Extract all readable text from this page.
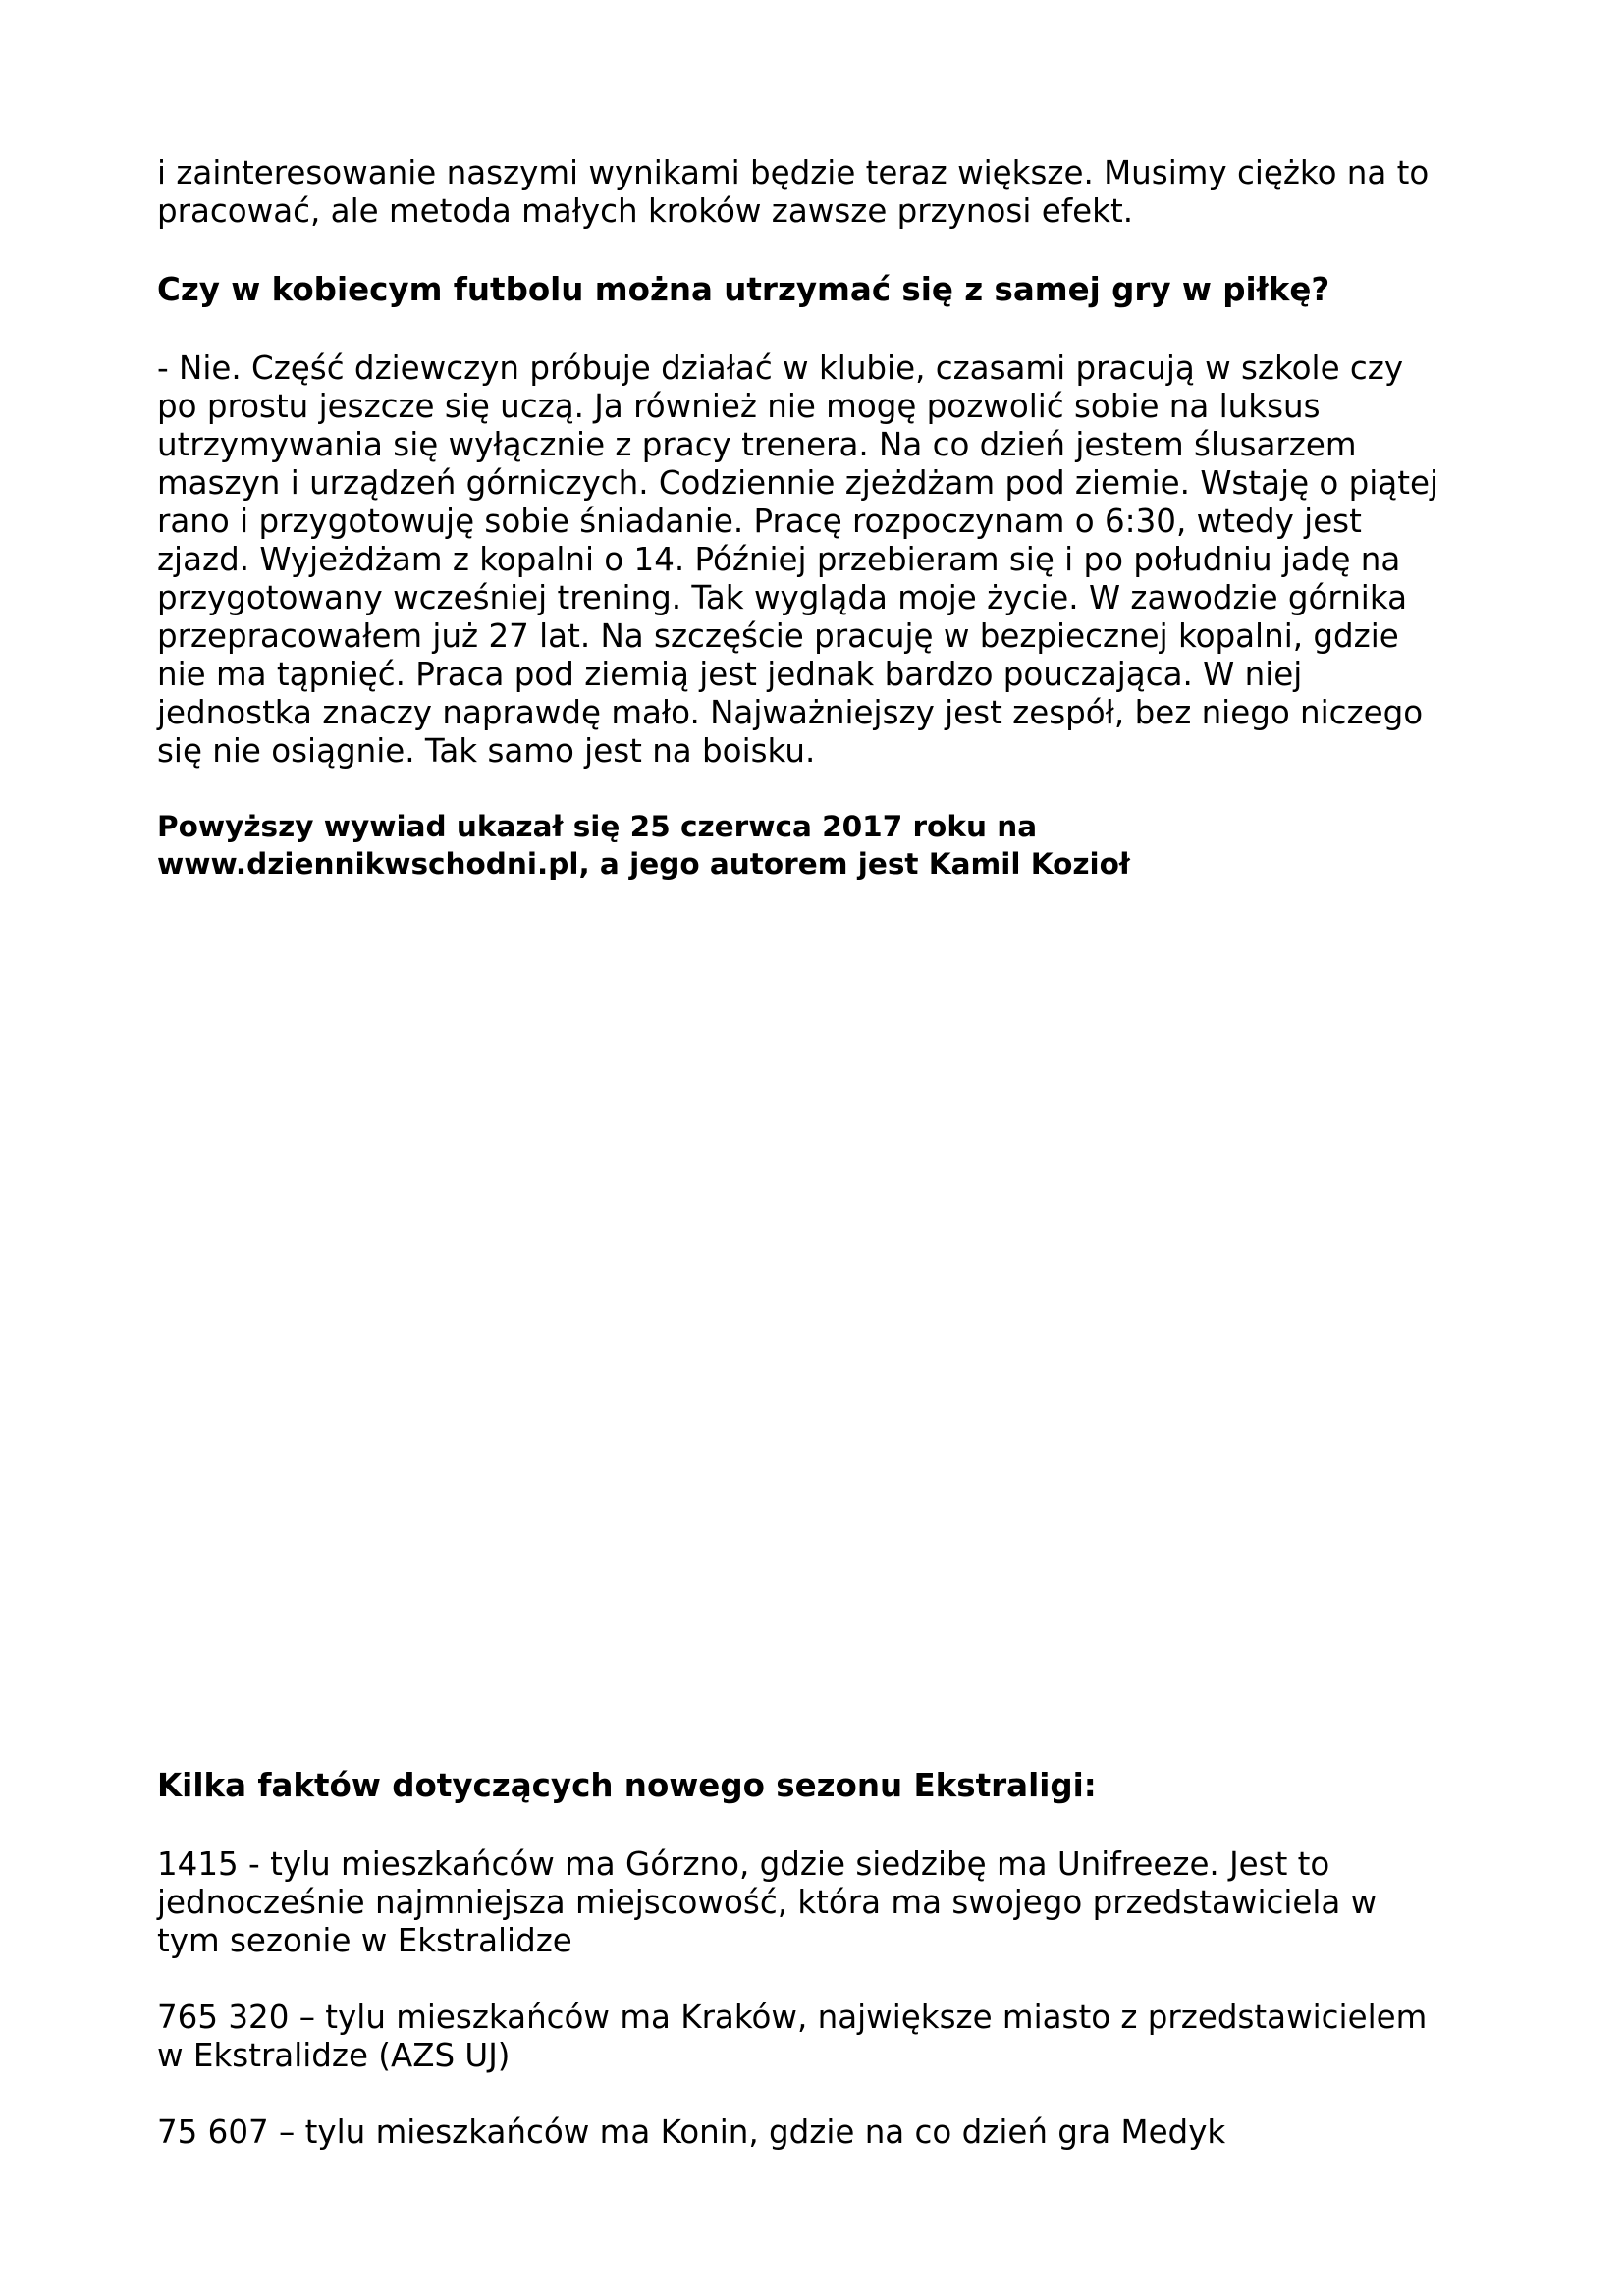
i zainteresowanie naszymi wynikami będzie teraz większe. Musimy ciężko na to
pracować, ale metoda małych kroków zawsze przynosi efekt.

Czy w kobiecym futbolu można utrzymać się z samej gry w piłkę?

- Nie. Część dziewczyn próbuje działać w klubie, czasami pracują w szkole czy
po prostu jeszcze się uczą. Ja również nie mogę pozwolić sobie na luksus
utrzymywania się wyłącznie z pracy trenera. Na co dzień jestem ślusarzem
maszyn i urządzeń górniczych. Codziennie zjeżdżam pod ziemie. Wstaję o piątej
rano i przygotowuję sobie śniadanie. Pracę rozpoczynam o 6:30, wtedy jest
zjazd. Wyjeżdżam z kopalni o 14. Później przebieram się i po południu jadę na
przygotowany wcześniej trening. Tak wygląda moje życie. W zawodzie górnika
przepracowałem już 27 lat. Na szczęście pracuję w bezpiecznej kopalni, gdzie
nie ma tąpnięć. Praca pod ziemią jest jednak bardzo pouczająca. W niej
jednostka znaczy naprawdę mało. Najważniejszy jest zespół, bez niego niczego
się nie osiągnie. Tak samo jest na boisku.

Powyższy wywiad ukazał się 25 czerwca 2017 roku na
www.dziennikwschodni.pl, a jego autorem jest Kamil Kozioł

Kilka faktów dotyczących nowego sezonu Ekstraligi:

1415 - tylu mieszkańców ma Górzno, gdzie siedzibę ma Unifreeze. Jest to
jednocześnie najmniejsza miejscowość, która ma swojego przedstawiciela w
tym sezonie w Ekstralidze

765 320 – tylu mieszkańców ma Kraków, największe miasto z przedstawicielem
w Ekstralidze (AZS UJ)

75 607 – tylu mieszkańców ma Konin, gdzie na co dzień gra Medyk
